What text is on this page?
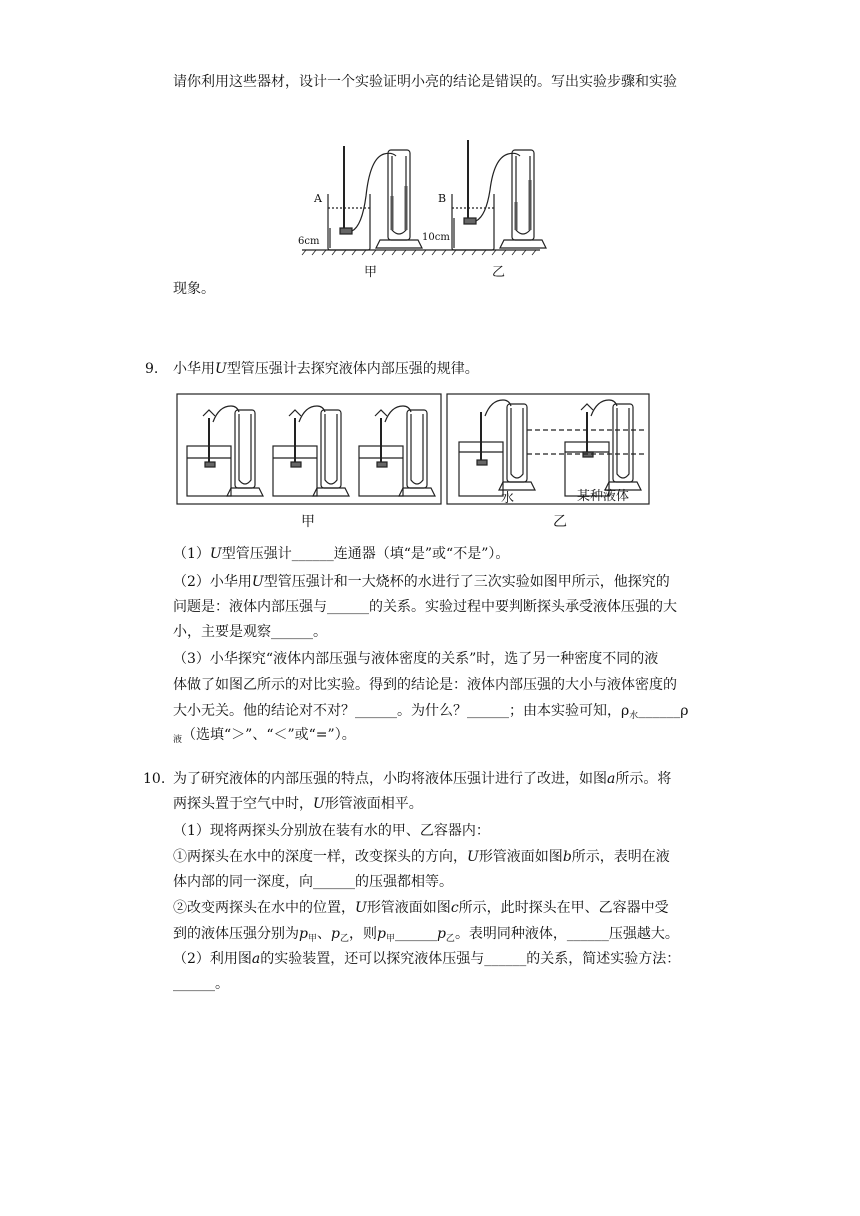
请你利用这些器材，设计一个实验证明小亮的结论是错误的。写出实验步骤和实验
A	B
6cm	10cm
甲	乙
现象。
9. 小华用U型管压强计去探究液体内部压强的规律。
水	某种液体
甲	乙
（1）U型管压强计______连通器（填“是”或“不是”）。
（2）小华用U型管压强计和一大烧杯的水进行了三次实验如图甲所示，他探究的
问题是：液体内部压强与______的关系。实验过程中要判断探头承受液体压强的大
小，主要是观察______。
（3）小华探究“液体内部压强与液体密度的关系”时，选了另一种密度不同的液
体做了如图乙所示的对比实验。得到的结论是：液体内部压强的大小与液体密度的
大小无关。他的结论对不对？______。为什么？______；由本实验可知，$\rho_水\_\_\_\_\_\_\rho$
$_液$（选填“＞”、“＜”或“=”）。
10. 为了研究液体的内部压强的特点，小昀将液体压强计进行了改进，如图a所示。将
两探头置于空气中时，U形管液面相平。
（1）现将两探头分别放在装有水的甲、乙容器内：
①两探头在水中的深度一样，改变探头的方向，U形管液面如图b所示，表明在液
体内部的同一深度，向______的压强都相等。
②改变两探头在水中的位置，U形管液面如图c所示，此时探头在甲、乙容器中受
到的液体压强分别为$p_甲$、$p_乙$，则$p_甲\_\_\_\_\_\_p_乙$。表明同种液体，______压强越大。
（2）利用图a的实验装置，还可以探究液体压强与______的关系，简述实验方法：
______。
